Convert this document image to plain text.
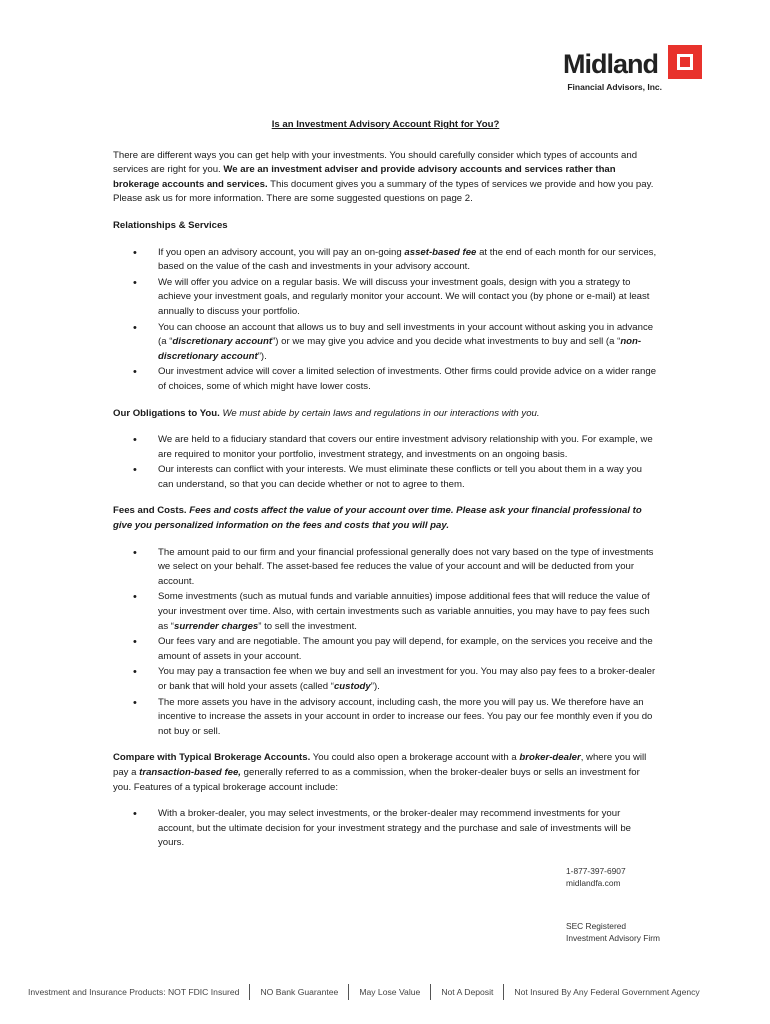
Midland
Financial Advisors, Inc.
Is an Investment Advisory Account Right for You?

There are different ways you can get help with your investments. You should carefully consider which types of accounts and services are right for you. We are an investment adviser and provide advisory accounts and services rather than brokerage accounts and services. This document gives you a summary of the types of services we provide and how you pay. Please ask us for more information. There are some suggested questions on page 2.

Relationships & Services
• If you open an advisory account, you will pay an on-going asset-based fee at the end of each month for our services, based on the value of the cash and investments in your advisory account.
• We will offer you advice on a regular basis. We will discuss your investment goals, design with you a strategy to achieve your investment goals, and regularly monitor your account. We will contact you (by phone or e-mail) at least annually to discuss your portfolio.
• You can choose an account that allows us to buy and sell investments in your account without asking you in advance (a “discretionary account”) or we may give you advice and you decide what investments to buy and sell (a “non-discretionary account”).
• Our investment advice will cover a limited selection of investments. Other firms could provide advice on a wider range of choices, some of which might have lower costs.

Our Obligations to You. We must abide by certain laws and regulations in our interactions with you.

• We are held to a fiduciary standard that covers our entire investment advisory relationship with you. For example, we are required to monitor your portfolio, investment strategy, and investments on an ongoing basis.
• Our interests can conflict with your interests. We must eliminate these conflicts or tell you about them in a way you can understand, so that you can decide whether or not to agree to them.

Fees and Costs. Fees and costs affect the value of your account over time. Please ask your financial professional to give you personalized information on the fees and costs that you will pay.

• The amount paid to our firm and your financial professional generally does not vary based on the type of investments we select on your behalf. The asset-based fee reduces the value of your account and will be deducted from your account.
• Some investments (such as mutual funds and variable annuities) impose additional fees that will reduce the value of your investment over time. Also, with certain investments such as variable annuities, you may have to pay fees such as “surrender charges” to sell the investment.
• Our fees vary and are negotiable. The amount you pay will depend, for example, on the services you receive and the amount of assets in your account.
• You may pay a transaction fee when we buy and sell an investment for you. You may also pay fees to a broker-dealer or bank that will hold your assets (called “custody”).
• The more assets you have in the advisory account, including cash, the more you will pay us. We therefore have an incentive to increase the assets in your account in order to increase our fees. You pay our fee monthly even if you do not buy or sell.

Compare with Typical Brokerage Accounts. You could also open a brokerage account with a broker-dealer, where you will pay a transaction-based fee, generally referred to as a commission, when the broker-dealer buys or sells an investment for you. Features of a typical brokerage account include:

• With a broker-dealer, you may select investments, or the broker-dealer may recommend investments for your account, but the ultimate decision for your investment strategy and the purchase and sale of investments will be yours.
1-877-397-6907
midlandfa.com
SEC Registered
Investment Advisory Firm
Investment and Insurance Products: NOT FDIC Insured	NO Bank Guarantee	May Lose Value	Not A Deposit	Not Insured By Any Federal Government Agency
